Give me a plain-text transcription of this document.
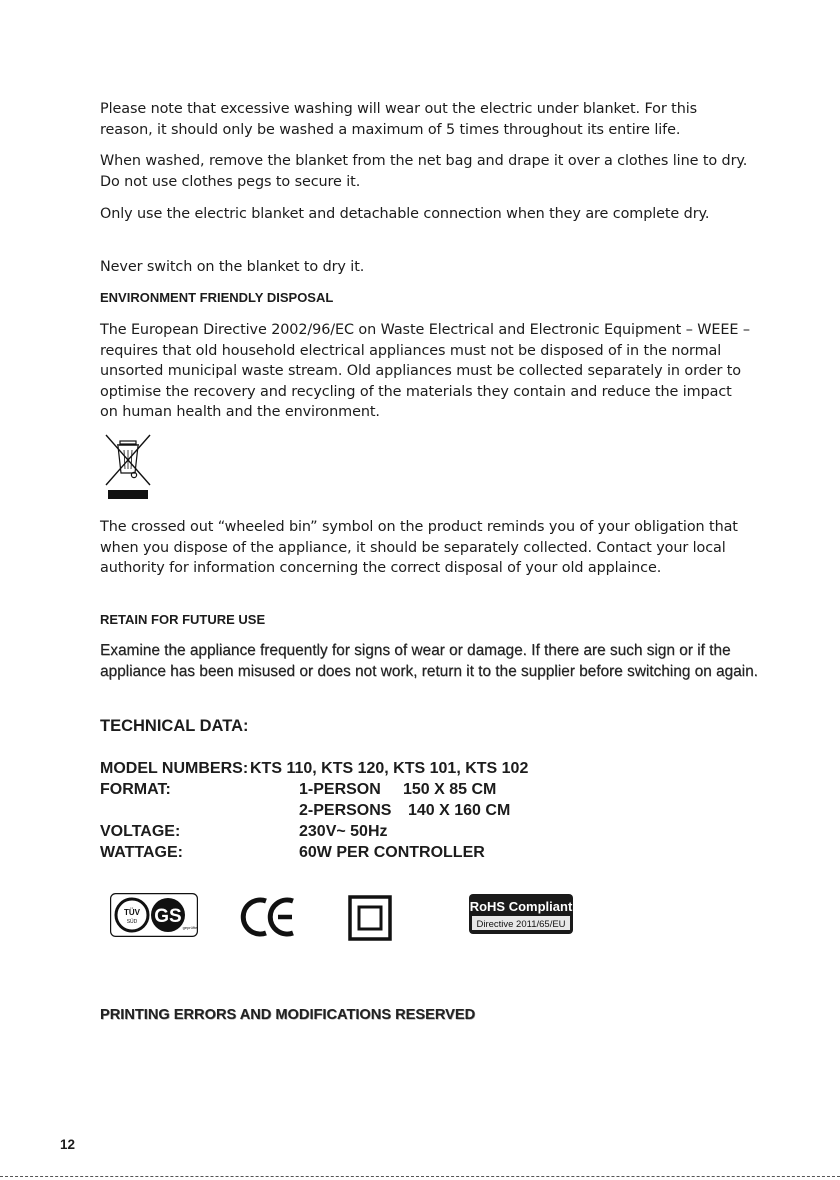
Please note that excessive washing will wear out the electric under blanket. For this reason, it should only be washed a maximum of 5 times throughout its entire life.

When washed, remove the blanket from the net bag and drape it over a clothes line to dry. Do not use clothes pegs to secure it.

Only use the electric blanket and detachable connection when they are complete dry.

Never switch on the blanket to dry it.

ENVIRONMENT FRIENDLY DISPOSAL

The European Directive 2002/96/EC on Waste Electrical and Electronic Equipment – WEEE – requires that old household electrical appliances must not be disposed of in the normal unsorted municipal waste stream. Old appliances must be collected separately in order to optimise the recovery and recycling of the materials they contain and reduce the impact on human health and the environment.

The crossed out “wheeled bin” symbol on the product reminds you of your obligation that when you dispose of the appliance, it should be separately collected. Contact your local authority for information concerning the correct disposal of your old applaince.

RETAIN FOR FUTURE USE

Examine the appliance frequently for signs of wear or damage. If there are such sign or if the appliance has been misused or does not work, return it to the supplier before switching on again.

TECHNICAL DATA:

MODEL NUMBERS: KTS 110, KTS 120, KTS 101, KTS 102
FORMAT:	1-PERSON 150 X 85 CM
2-PERSONS 140 X 160 CM
VOLTAGE:	230V~ 50Hz
WATTAGE:	60W PER CONTROLLER
TÜV
SÜD GS
geprüfte
RoHS Compliant
Directive 2011/65/EU
PRINTING ERRORS AND MODIFICATIONS RESERVED
12
